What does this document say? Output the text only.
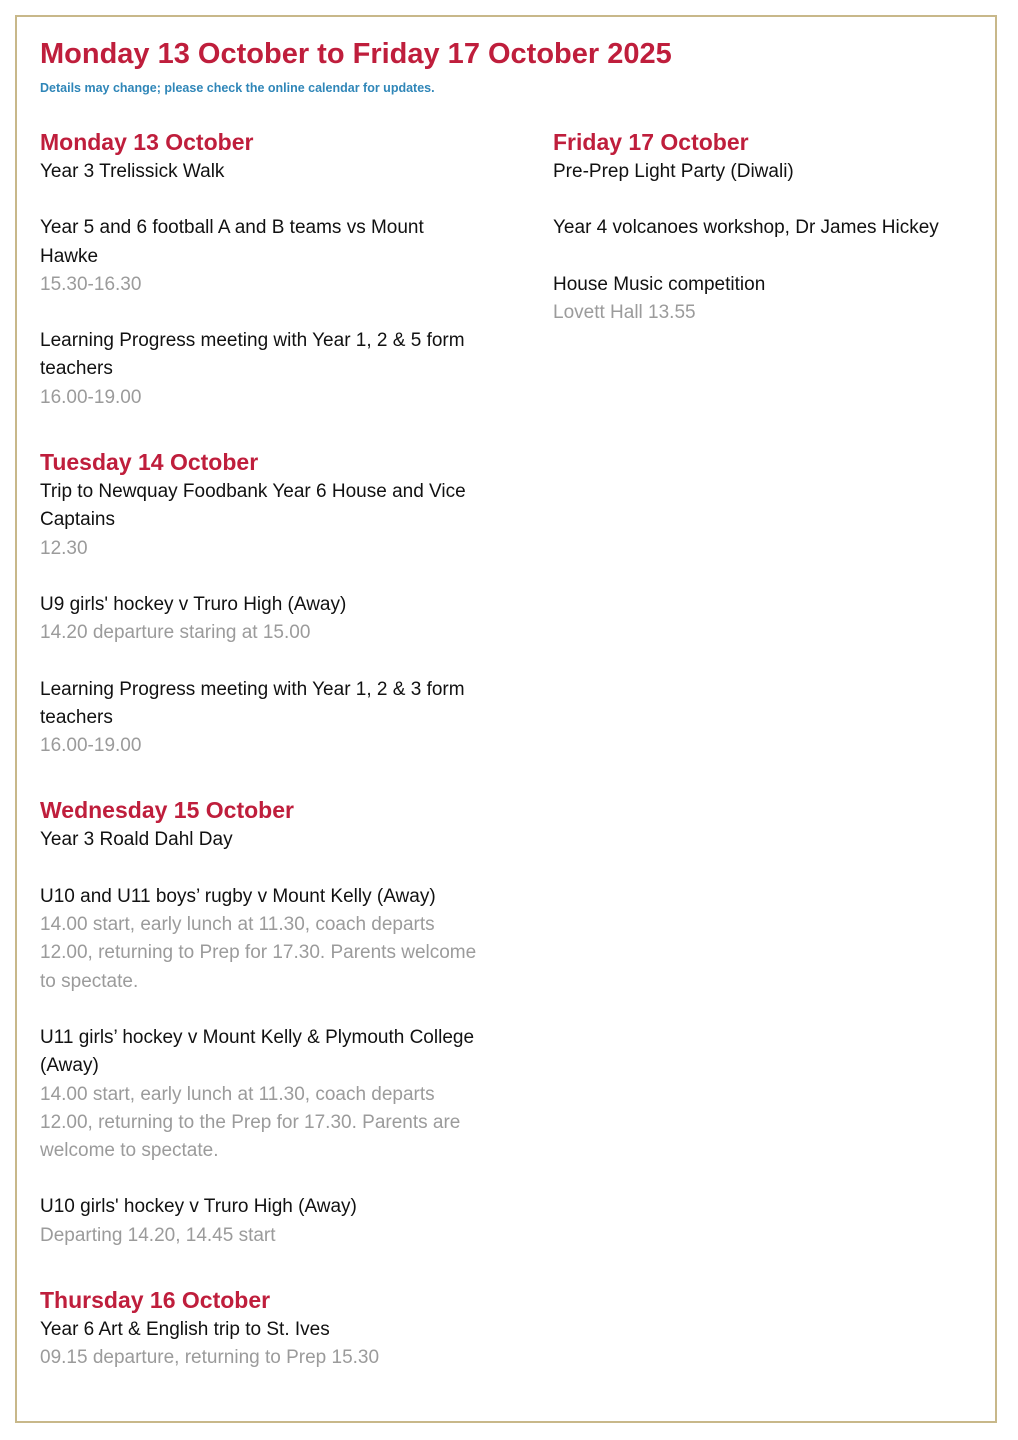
Monday 13 October to Friday 17 October 2025

Details may change; please check the online calendar for updates.

Monday 13 October
Year 3 Trelissick Walk
Year 5 and 6 football A and B teams vs Mount Hawke
15.30-16.30
Learning Progress meeting with Year 1, 2 & 5 form teachers
16.00-19.00
Tuesday 14 October
Trip to Newquay Foodbank Year 6 House and Vice Captains
12.30
U9 girls' hockey v Truro High (Away)
14.20 departure staring at 15.00
Learning Progress meeting with Year 1, 2 & 3 form teachers
16.00-19.00
Wednesday 15 October
Year 3 Roald Dahl Day
U10 and U11 boys’ rugby v Mount Kelly (Away)
14.00 start, early lunch at 11.30, coach departs 12.00, returning to Prep for 17.30. Parents welcome to spectate.
U11 girls’ hockey v Mount Kelly & Plymouth College (Away)
14.00 start, early lunch at 11.30, coach departs 12.00, returning to the Prep for 17.30. Parents are welcome to spectate.
U10 girls' hockey v Truro High (Away)
Departing 14.20, 14.45 start
Thursday 16 October
Year 6 Art & English trip to St. Ives
09.15 departure, returning to Prep 15.30
Friday 17 October
Pre-Prep Light Party (Diwali)
Year 4 volcanoes workshop, Dr James Hickey
House Music competition
Lovett Hall 13.55
